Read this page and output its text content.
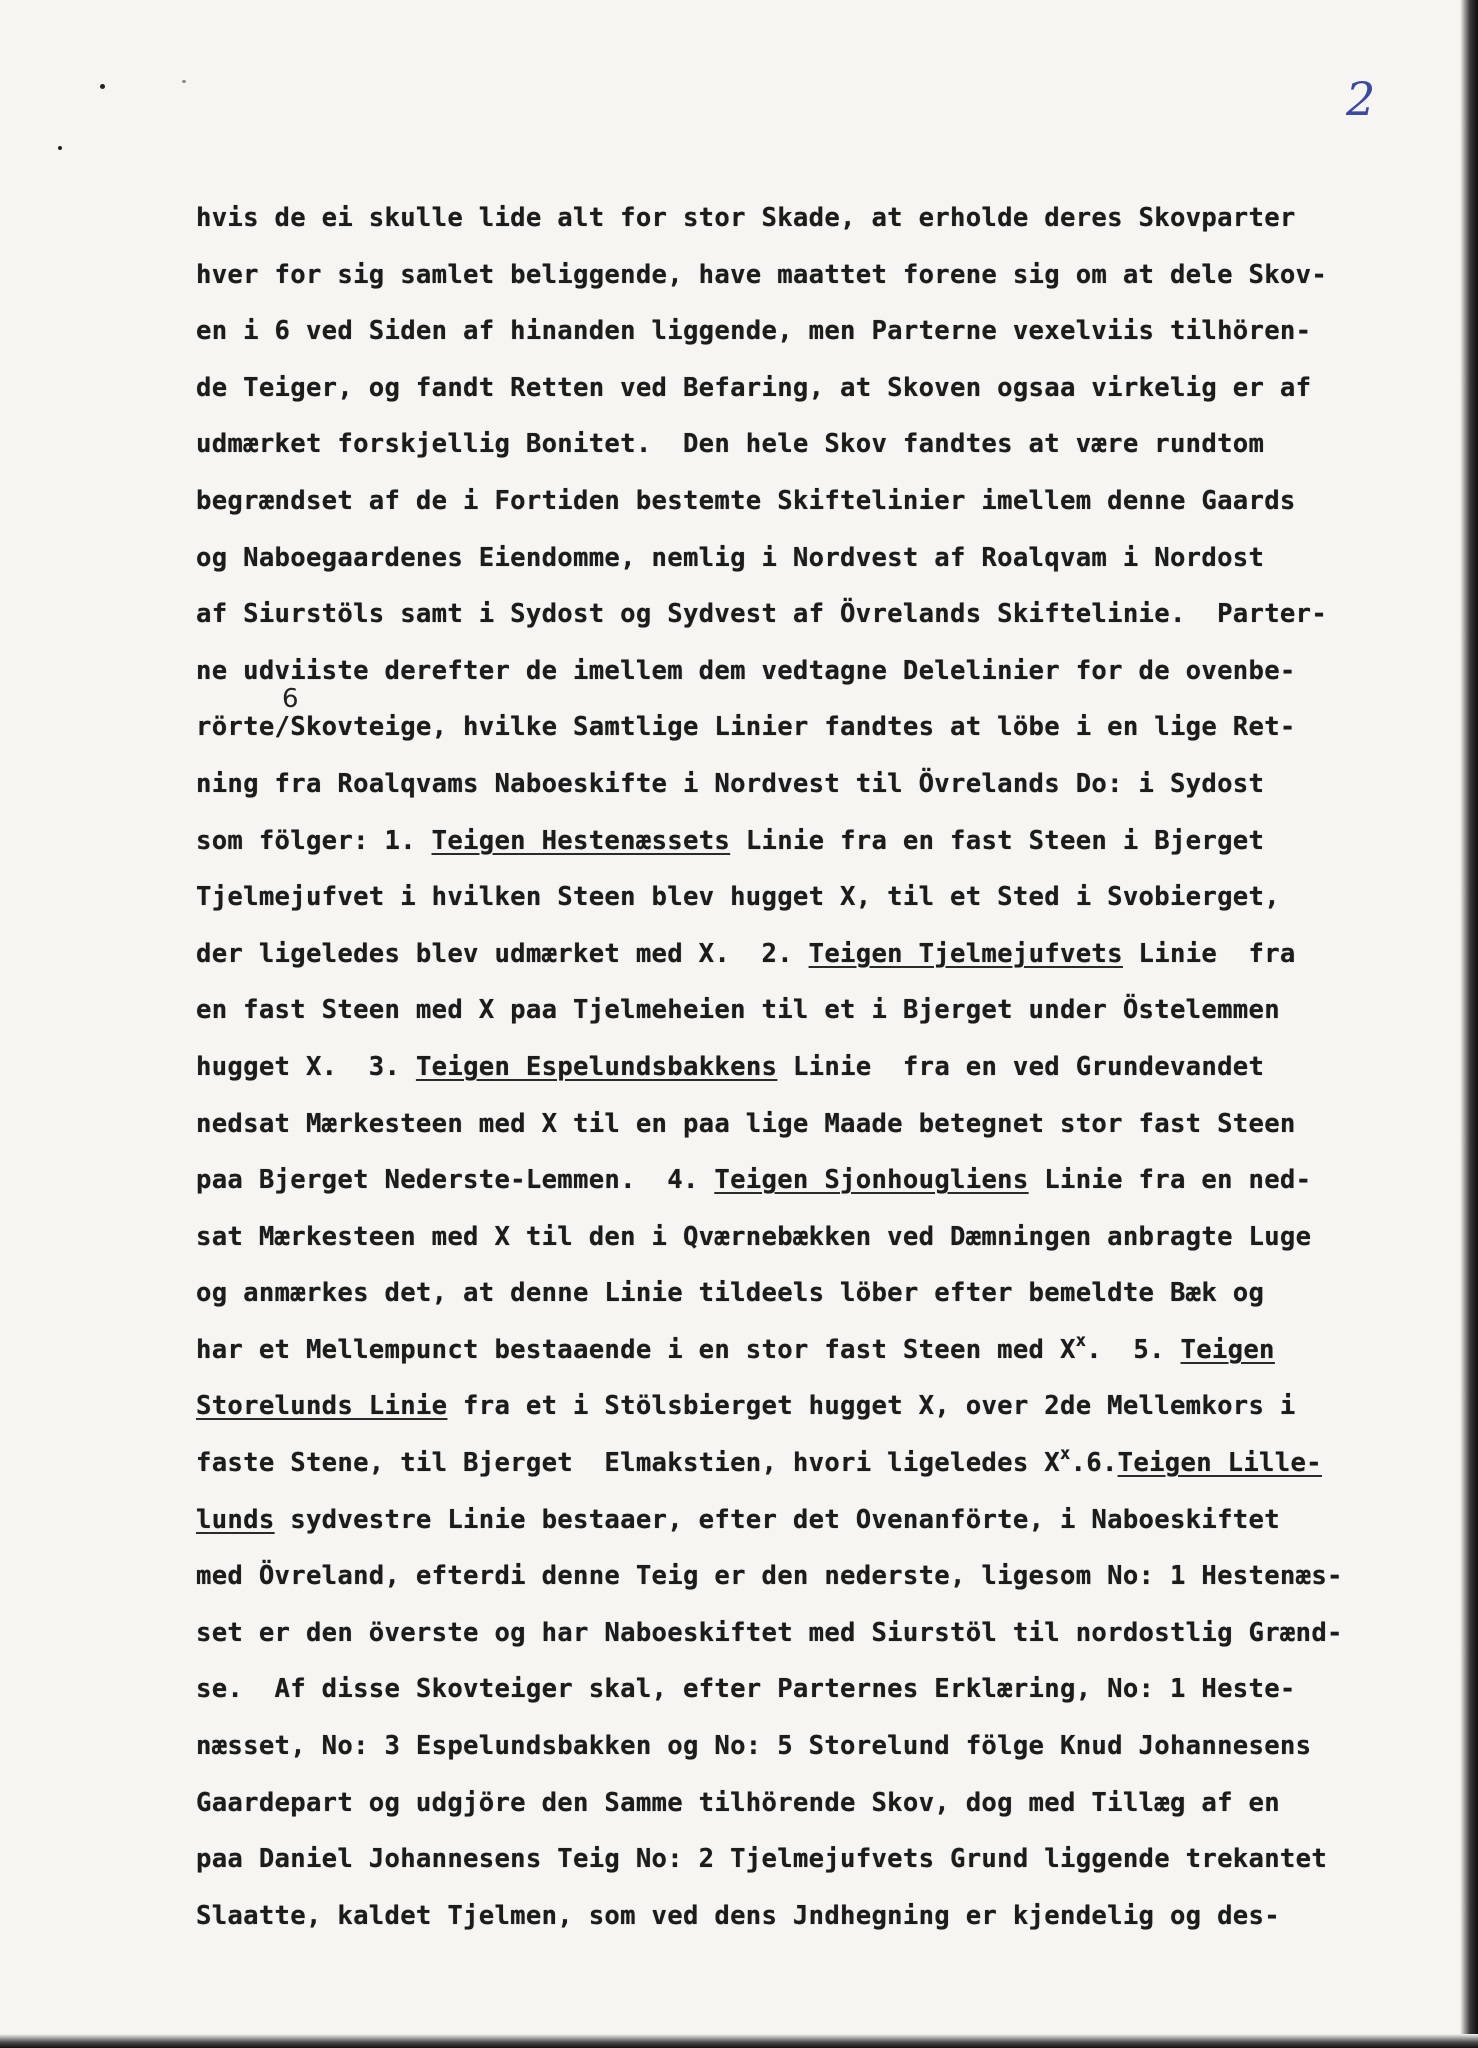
2
6
hvis de ei skulle lide alt for stor Skade, at erholde deres Skovparter
hver for sig samlet beliggende, have maattet forene sig om at dele Skov-
en i 6 ved Siden af hinanden liggende, men Parterne vexelviis tilhören-
de Teiger, og fandt Retten ved Befaring, at Skoven ogsaa virkelig er af
udmærket forskjellig Bonitet.  Den hele Skov fandtes at være rundtom
begrændset af de i Fortiden bestemte Skiftelinier imellem denne Gaards
og Naboegaardenes Eiendomme, nemlig i Nordvest af Roalqvam i Nordost
af Siurstöls samt i Sydost og Sydvest af Övrelands Skiftelinie.  Parter-
ne udviiste derefter de imellem dem vedtagne Delelinier for de ovenbe-
rörte/Skovteige, hvilke Samtlige Linier fandtes at löbe i en lige Ret-
ning fra Roalqvams Naboeskifte i Nordvest til Övrelands Do: i Sydost
som fölger: 1. Teigen Hestenæssets Linie fra en fast Steen i Bjerget
Tjelmejufvet i hvilken Steen blev hugget X, til et Sted i Svobierget,
der ligeledes blev udmærket med X.  2. Teigen Tjelmejufvets Linie  fra
en fast Steen med X paa Tjelmeheien til et i Bjerget under Östelemmen
hugget X.  3. Teigen Espelundsbakkens Linie  fra en ved Grundevandet
nedsat Mærkesteen med X til en paa lige Maade betegnet stor fast Steen
paa Bjerget Nederste-Lemmen.  4. Teigen Sjonhougliens Linie fra en ned-
sat Mærkesteen med X til den i Qværnebækken ved Dæmningen anbragte Luge
og anmærkes det, at denne Linie tildeels löber efter bemeldte Bæk og
har et Mellempunct bestaaende i en stor fast Steen med $X^x$.  5. Teigen
Storelunds Linie fra et i Stölsbierget hugget X, over 2de Mellemkors i
faste Stene, til Bjerget  Elmakstien, hvori ligeledes $X^x.6.Teigen$ Lille-
lunds sydvestre Linie bestaaer, efter det Ovenanförte, i Naboeskiftet
med Övreland, efterdi denne Teig er den nederste, ligesom No: 1 Hestenæs-
set er den överste og har Naboeskiftet med Siurstöl til nordostlig Grænd-
se.  Af disse Skovteiger skal, efter Parternes Erklæring, No: 1 Heste-
næsset, No: 3 Espelundsbakken og No: 5 Storelund fölge Knud Johannesens
Gaardepart og udgjöre den Samme tilhörende Skov, dog med Tillæg af en
paa Daniel Johannesens Teig No: 2 Tjelmejufvets Grund liggende trekantet
Slaatte, kaldet Tjelmen, som ved dens Jndhegning er kjendelig og des-
